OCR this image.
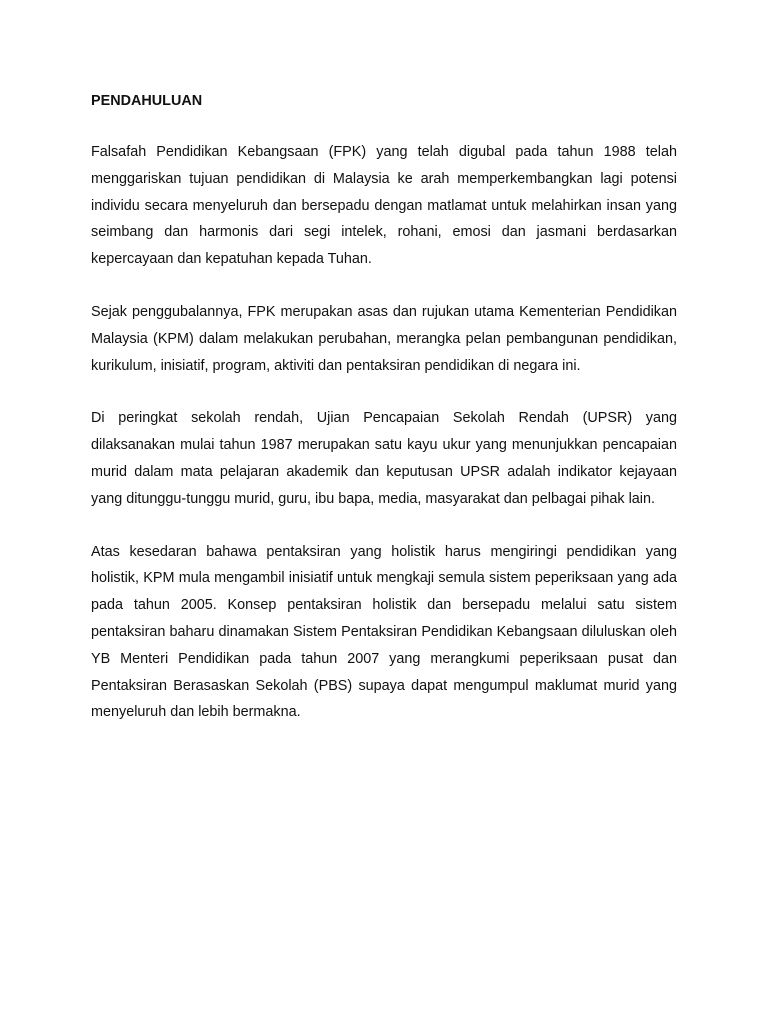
PENDAHULUAN

Falsafah Pendidikan Kebangsaan (FPK) yang telah digubal pada tahun 1988 telah menggariskan tujuan pendidikan di Malaysia ke arah memperkembangkan lagi potensi individu secara menyeluruh dan bersepadu dengan matlamat untuk melahirkan insan yang seimbang dan harmonis dari segi intelek, rohani, emosi dan jasmani berdasarkan kepercayaan dan kepatuhan kepada Tuhan.

Sejak penggubalannya, FPK merupakan asas dan rujukan utama Kementerian Pendidikan Malaysia (KPM) dalam melakukan perubahan, merangka pelan pembangunan pendidikan, kurikulum, inisiatif, program, aktiviti dan pentaksiran pendidikan di negara ini.

Di peringkat sekolah rendah, Ujian Pencapaian Sekolah Rendah (UPSR) yang dilaksanakan mulai tahun 1987 merupakan satu kayu ukur yang menunjukkan pencapaian murid dalam mata pelajaran akademik dan keputusan UPSR adalah indikator kejayaan yang ditunggu-tunggu murid, guru, ibu bapa, media, masyarakat dan pelbagai pihak lain.

Atas kesedaran bahawa pentaksiran yang holistik harus mengiringi pendidikan yang holistik, KPM mula mengambil inisiatif untuk mengkaji semula sistem peperiksaan yang ada pada tahun 2005. Konsep pentaksiran holistik dan bersepadu melalui satu sistem pentaksiran baharu dinamakan Sistem Pentaksiran Pendidikan Kebangsaan diluluskan oleh YB Menteri Pendidikan pada tahun 2007 yang merangkumi peperiksaan pusat dan Pentaksiran Berasaskan Sekolah (PBS) supaya dapat mengumpul maklumat murid yang menyeluruh dan lebih bermakna.
